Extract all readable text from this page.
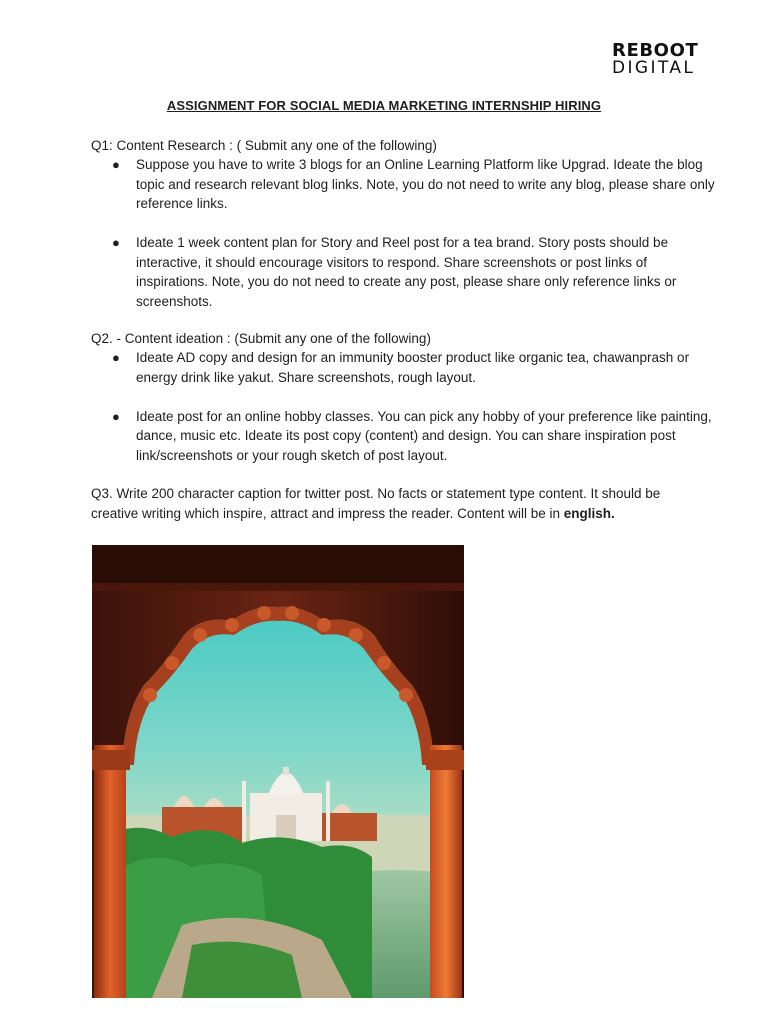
REBOOT
DIGITAL
ASSIGNMENT FOR SOCIAL MEDIA MARKETING INTERNSHIP HIRING
Q1: Content Research : ( Submit any one of the following)
● Suppose you have to write 3 blogs for an Online Learning Platform like Upgrad. Ideate the blog topic and research relevant blog links. Note, you do not need to write any blog, please share only reference links.
● Ideate 1 week content plan for Story and Reel post for a tea brand. Story posts should be interactive, it should encourage visitors to respond. Share screenshots or post links of inspirations. Note, you do not need to create any post, please share only reference links or screenshots.
Q2. - Content ideation : (Submit any one of the following)
● Ideate AD copy and design for an immunity booster product like organic tea, chawanprash or energy drink like yakut. Share screenshots, rough layout.
● Ideate post for an online hobby classes. You can pick any hobby of your preference like painting, dance, music etc. Ideate its post copy (content) and design. You can share inspiration post link/screenshots or your rough sketch of post layout.
Q3. Write 200 character caption for twitter post. No facts or statement type content. It should be creative writing which inspire, attract and impress the reader. Content will be in english.
